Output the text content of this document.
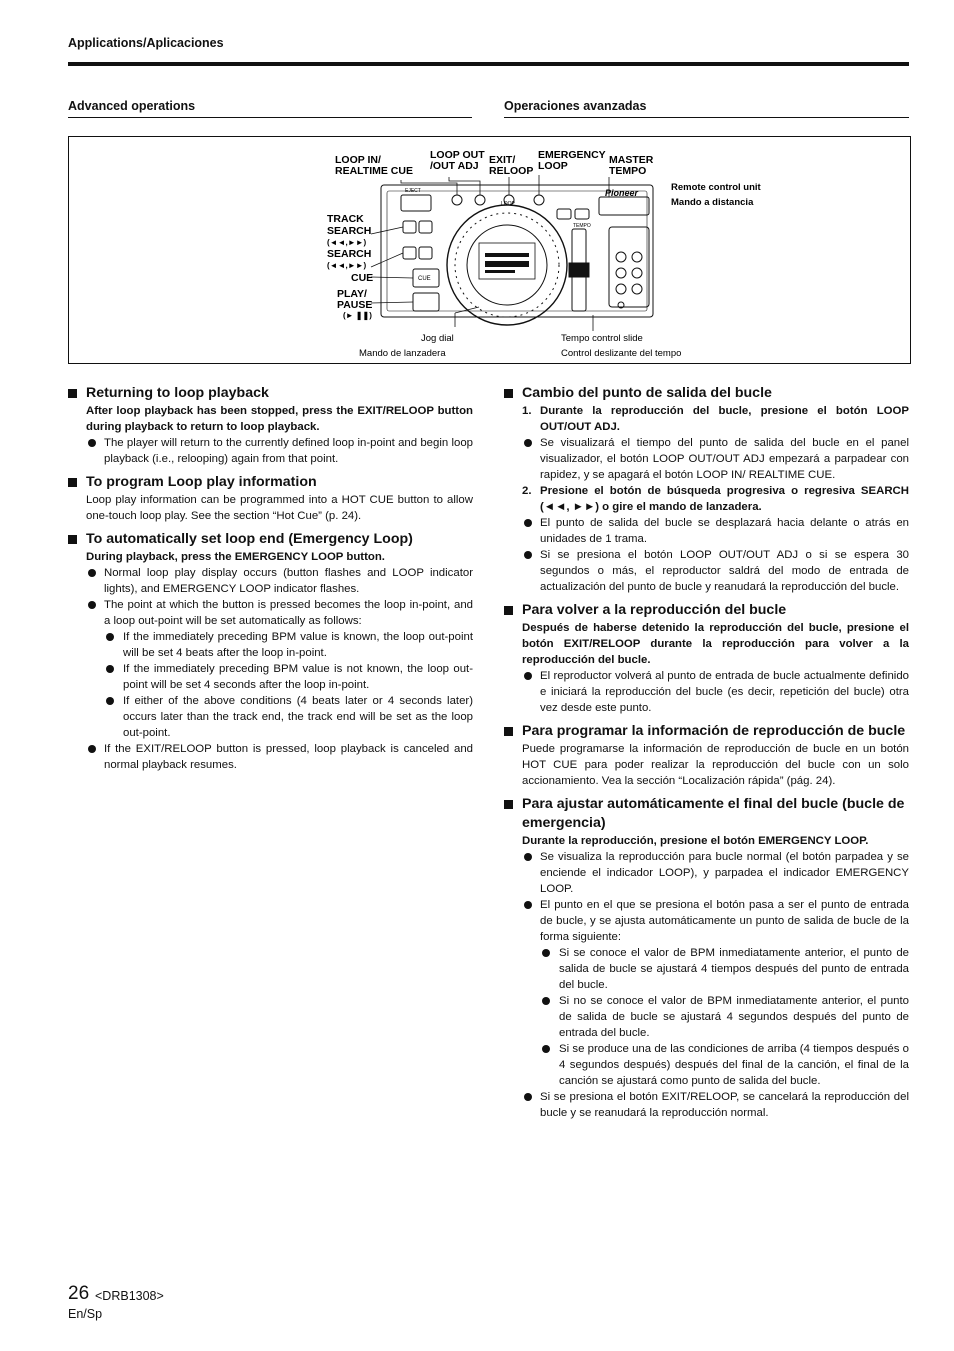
Applications/Aplicaciones
Advanced operations	Operaciones avanzadas
LOOP
EJECT
CUE
TEMPO
Pioneer
LOOP IN/
REALTIME CUE
LOOP OUT
/OUT ADJ EXIT/
RELOOP
EMERGENCY
LOOP	MASTER
TEMPO
TRACK
SEARCH
(◄◄,►►)
SEARCH
(◄◄,►►)
CUE
PLAY/
PAUSE
(► ❚❚)
Remote control unit
Mando a distancia
Jog dial
Mando de lanzadera
Tempo control slide
Control deslizante del tempo
Returning to loop playback
After loop playback has been stopped, press the EXIT/RELOOP button during playback to return to loop playback.
The player will return to the currently defined loop in-point and begin loop playback (i.e., relooping) again from that point.
To program Loop play information
Loop play information can be programmed into a HOT CUE button to allow one-touch loop play. See the section “Hot Cue” (p. 24).
To automatically set loop end (Emergency Loop)
During playback, press the EMERGENCY LOOP button.
Normal loop play display occurs (button flashes and LOOP indicator lights), and EMERGENCY LOOP indicator flashes.
The point at which the button is pressed becomes the loop in-point, and a loop out-point will be set automatically as follows:
If the immediately preceding BPM value is known, the loop out-point will be set 4 beats after the loop in-point.
If the immediately preceding BPM value is not known, the loop out-point will be set 4 seconds after the loop in-point.
If either of the above conditions (4 beats later or 4 seconds later) occurs later than the track end, the track end will be set as the loop out-point.
If the EXIT/RELOOP button is pressed, loop playback is canceled and normal playback resumes.
Cambio del punto de salida del bucle
1. Durante la reproducción del bucle, presione el botón LOOP OUT/OUT ADJ.
Se visualizará el tiempo del punto de salida del bucle en el panel visualizador, el botón LOOP OUT/OUT ADJ empezará a parpadear con rapidez, y se apagará el botón LOOP IN/ REALTIME CUE.
2. Presione el botón de búsqueda progresiva o regresiva SEARCH (◄◄, ►►) o gire el mando de lanzadera.
El punto de salida del bucle se desplazará hacia delante o atrás en unidades de 1 trama.
Si se presiona el botón LOOP OUT/OUT ADJ o si se espera 30 segundos o más, el reproductor saldrá del modo de entrada de actualización del punto de bucle y reanudará la reproducción del bucle.
Para volver a la reproducción del bucle
Después de haberse detenido la reproducción del bucle, presione el botón EXIT/RELOOP durante la reproducción para volver a la reproducción del bucle.
El reproductor volverá al punto de entrada de bucle actualmente definido e iniciará la reproducción del bucle (es decir, repetición del bucle) otra vez desde este punto.
Para programar la información de reproducción de bucle
Puede programarse la información de reproducción de bucle en un botón HOT CUE para poder realizar la reproducción del bucle con un solo accionamiento. Vea la sección “Localización rápida” (pág. 24).
Para ajustar automáticamente el final del bucle (bucle de emergencia)
Durante la reproducción, presione el botón EMERGENCY LOOP.
Se visualiza la reproducción para bucle normal (el botón parpadea y se enciende el indicador LOOP), y parpadea el indicador EMERGENCY LOOP.
El punto en el que se presiona el botón pasa a ser el punto de entrada de bucle, y se ajusta automáticamente un punto de salida de bucle de la forma siguiente:
Si se conoce el valor de BPM inmediatamente anterior, el punto de salida de bucle se ajustará 4 tiempos después del punto de entrada del bucle.
Si no se conoce el valor de BPM inmediatamente anterior, el punto de salida de bucle se ajustará 4 segundos después del punto de entrada del bucle.
Si se produce una de las condiciones de arriba (4 tiempos después o 4 segundos después) después del final de la canción, el final de la canción se ajustará como punto de salida del bucle.
Si se presiona el botón EXIT/RELOOP, se cancelará la reproducción del bucle y se reanudará la reproducción normal.
26 <DRB1308>
En/Sp
